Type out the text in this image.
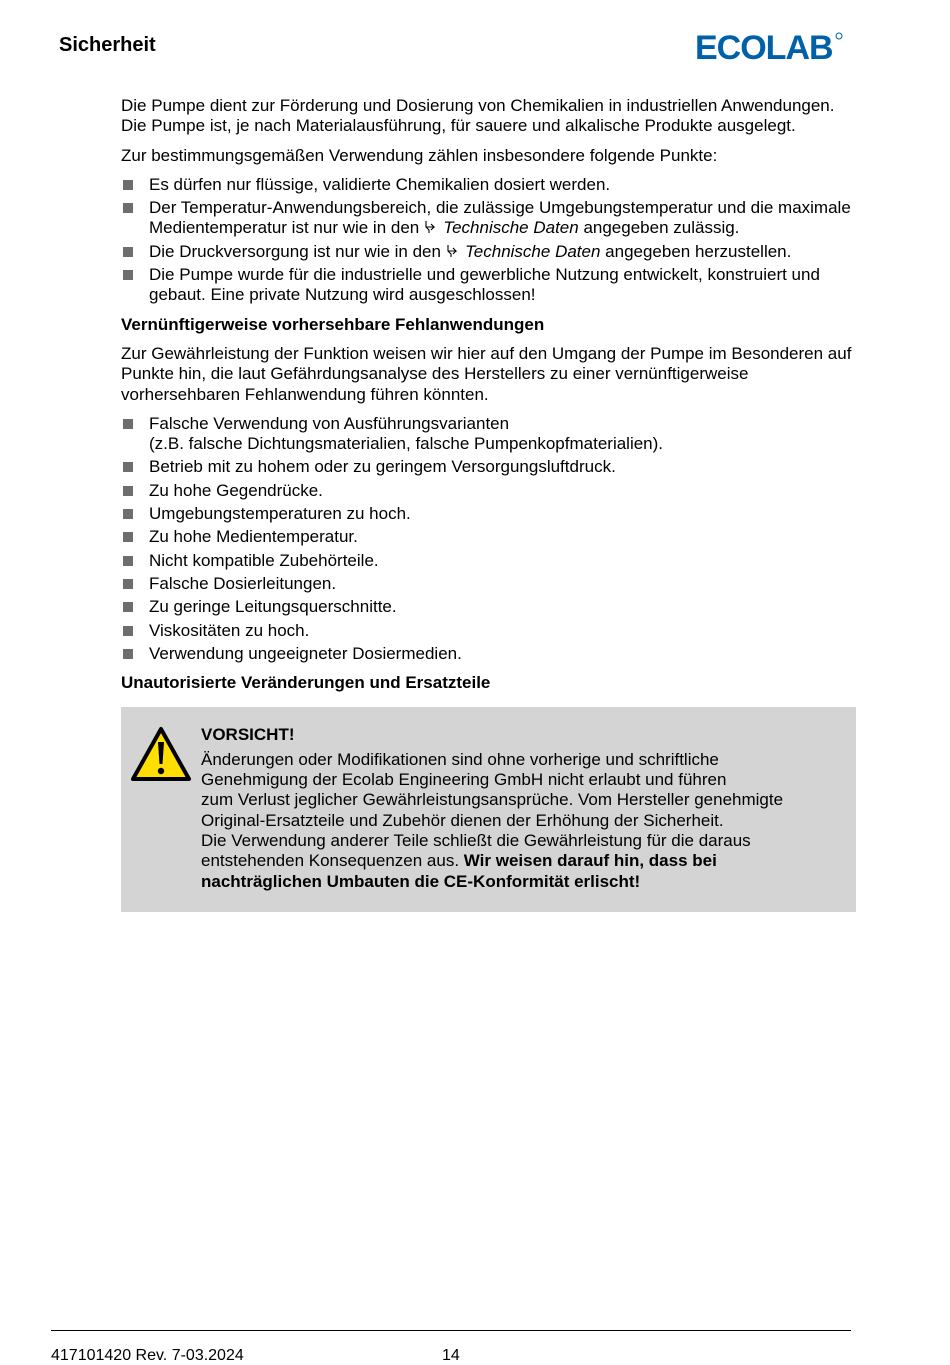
Sicherheit	ECOLAB

Die Pumpe dient zur Förderung und Dosierung von Chemikalien in industriellen Anwendungen. Die Pumpe ist, je nach Materialausführung, für sauere und alkalische Produkte ausgelegt.

Zur bestimmungsgemäßen Verwendung zählen insbesondere folgende Punkte:

Es dürfen nur flüssige, validierte Chemikalien dosiert werden.
Der Temperatur-Anwendungsbereich, die zulässige Umgebungstemperatur und die maximale Medientemperatur ist nur wie in den Technische Daten angegeben zulässig.
Die Druckversorgung ist nur wie in den Technische Daten angegeben herzustellen.
Die Pumpe wurde für die industrielle und gewerbliche Nutzung entwickelt, konstruiert und gebaut. Eine private Nutzung wird ausgeschlossen!
Vernünftigerweise vorhersehbare Fehlanwendungen

Zur Gewährleistung der Funktion weisen wir hier auf den Umgang der Pumpe im Besonderen auf Punkte hin, die laut Gefährdungsanalyse des Herstellers zu einer vernünftigerweise vorhersehbaren Fehlanwendung führen könnten.

Falsche Verwendung von Ausführungsvarianten
(z.B. falsche Dichtungsmaterialien, falsche Pumpenkopfmaterialien).
Betrieb mit zu hohem oder zu geringem Versorgungsluftdruck.
Zu hohe Gegendrücke.
Umgebungstemperaturen zu hoch.
Zu hohe Medientemperatur.
Nicht kompatible Zubehörteile.
Falsche Dosierleitungen.
Zu geringe Leitungsquerschnitte.
Viskositäten zu hoch.
Verwendung ungeeigneter Dosiermedien.
Unautorisierte Veränderungen und Ersatzteile
VORSICHT!
Änderungen oder Modifikationen sind ohne vorherige und schriftliche
Genehmigung der Ecolab Engineering GmbH nicht erlaubt und führen
zum Verlust jeglicher Gewährleistungsansprüche. Vom Hersteller genehmigte
Original-Ersatzteile und Zubehör dienen der Erhöhung der Sicherheit.
Die Verwendung anderer Teile schließt die Gewährleistung für die daraus
entstehenden Konsequenzen aus. Wir weisen darauf hin, dass bei
nachträglichen Umbauten die CE-Konformität erlischt!
417101420 Rev. 7-03.2024	14
